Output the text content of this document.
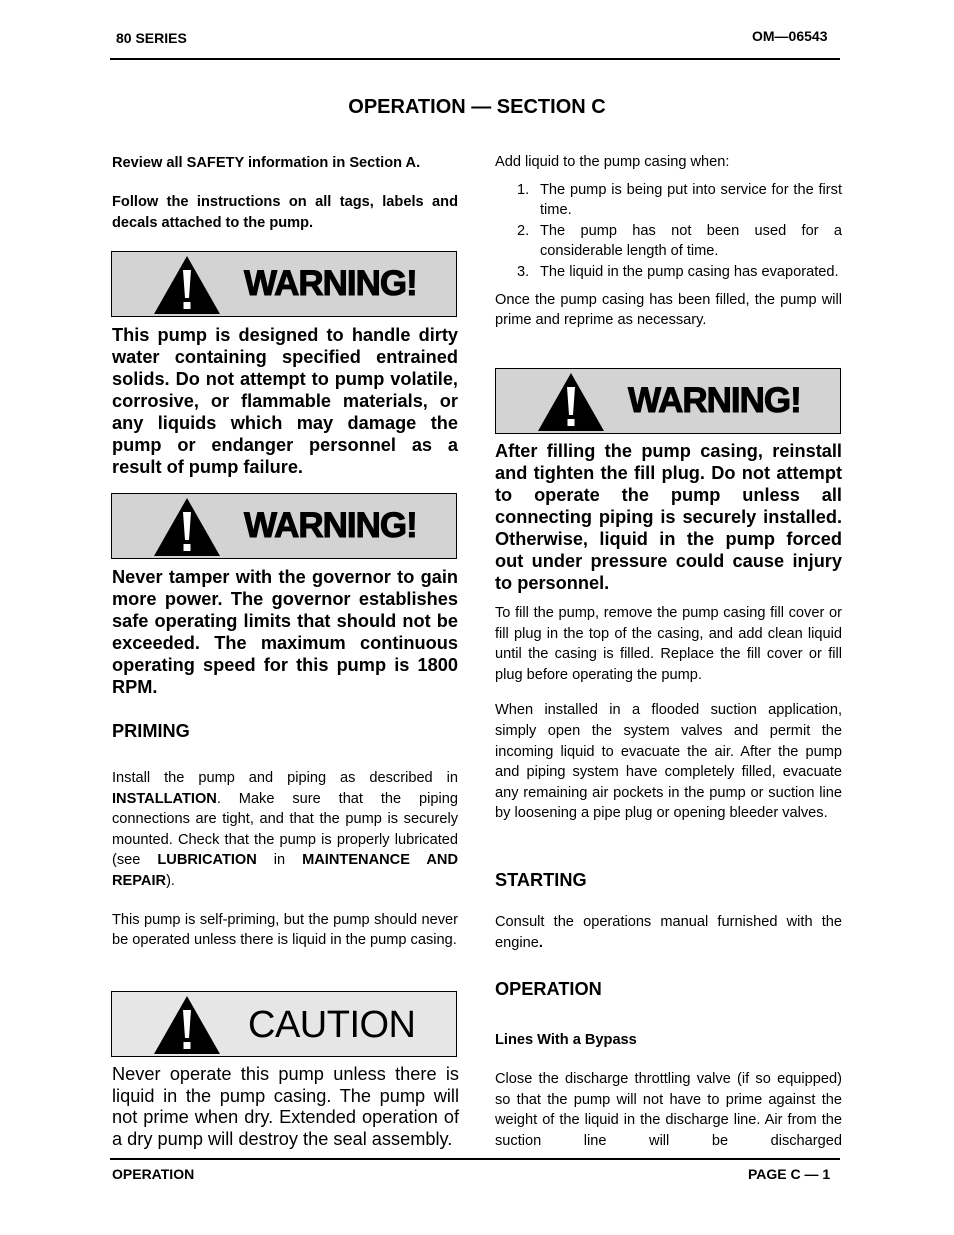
80 SERIES	OM—06543
OPERATION — SECTION C

Review all SAFETY information in Section A.

Follow the instructions on all tags, labels and decals attached to the pump.

WARNING!
This pump is designed to handle dirty water containing specified entrained solids. Do not attempt to pump volatile, corrosive, or flammable materials, or any liquids which may damage the pump or endanger personnel as a result of pump failure.
WARNING!
Never tamper with the governor to gain more power. The governor establishes safe operating limits that should not be exceeded. The maximum continuous operating speed for this pump is 1800 RPM.
PRIMING

Install the pump and piping as described in INSTALLATION. Make sure that the piping connections are tight, and that the pump is securely mounted. Check that the pump is properly lubricated (see LUBRICATION in MAINTENANCE AND REPAIR).

This pump is self-priming, but the pump should never be operated unless there is liquid in the pump casing.

CAUTION
Never operate this pump unless there is liquid in the pump casing. The pump will not prime when dry. Extended operation of a dry pump will destroy the seal assembly.

Add liquid to the pump casing when:

1. The pump is being put into service for the first time.
2. The pump has not been used for a considerable length of time.
3. The liquid in the pump casing has evaporated.

Once the pump casing has been filled, the pump will prime and reprime as necessary.

WARNING!
After filling the pump casing, reinstall and tighten the fill plug. Do not attempt to operate the pump unless all connecting piping is securely installed. Otherwise, liquid in the pump forced out under pressure could cause injury to personnel.

To fill the pump, remove the pump casing fill cover or fill plug in the top of the casing, and add clean liquid until the casing is filled. Replace the fill cover or fill plug before operating the pump.

When installed in a flooded suction application, simply open the system valves and permit the incoming liquid to evacuate the air. After the pump and piping system have completely filled, evacuate any remaining air pockets in the pump or suction line by loosening a pipe plug or opening bleeder valves.

STARTING

Consult the operations manual furnished with the engine.

OPERATION
Lines With a Bypass

Close the discharge throttling valve (if so equipped) so that the pump will not have to prime against the weight of the liquid in the discharge line. Air from the suction line will be discharged

OPERATION	PAGE C — 1
